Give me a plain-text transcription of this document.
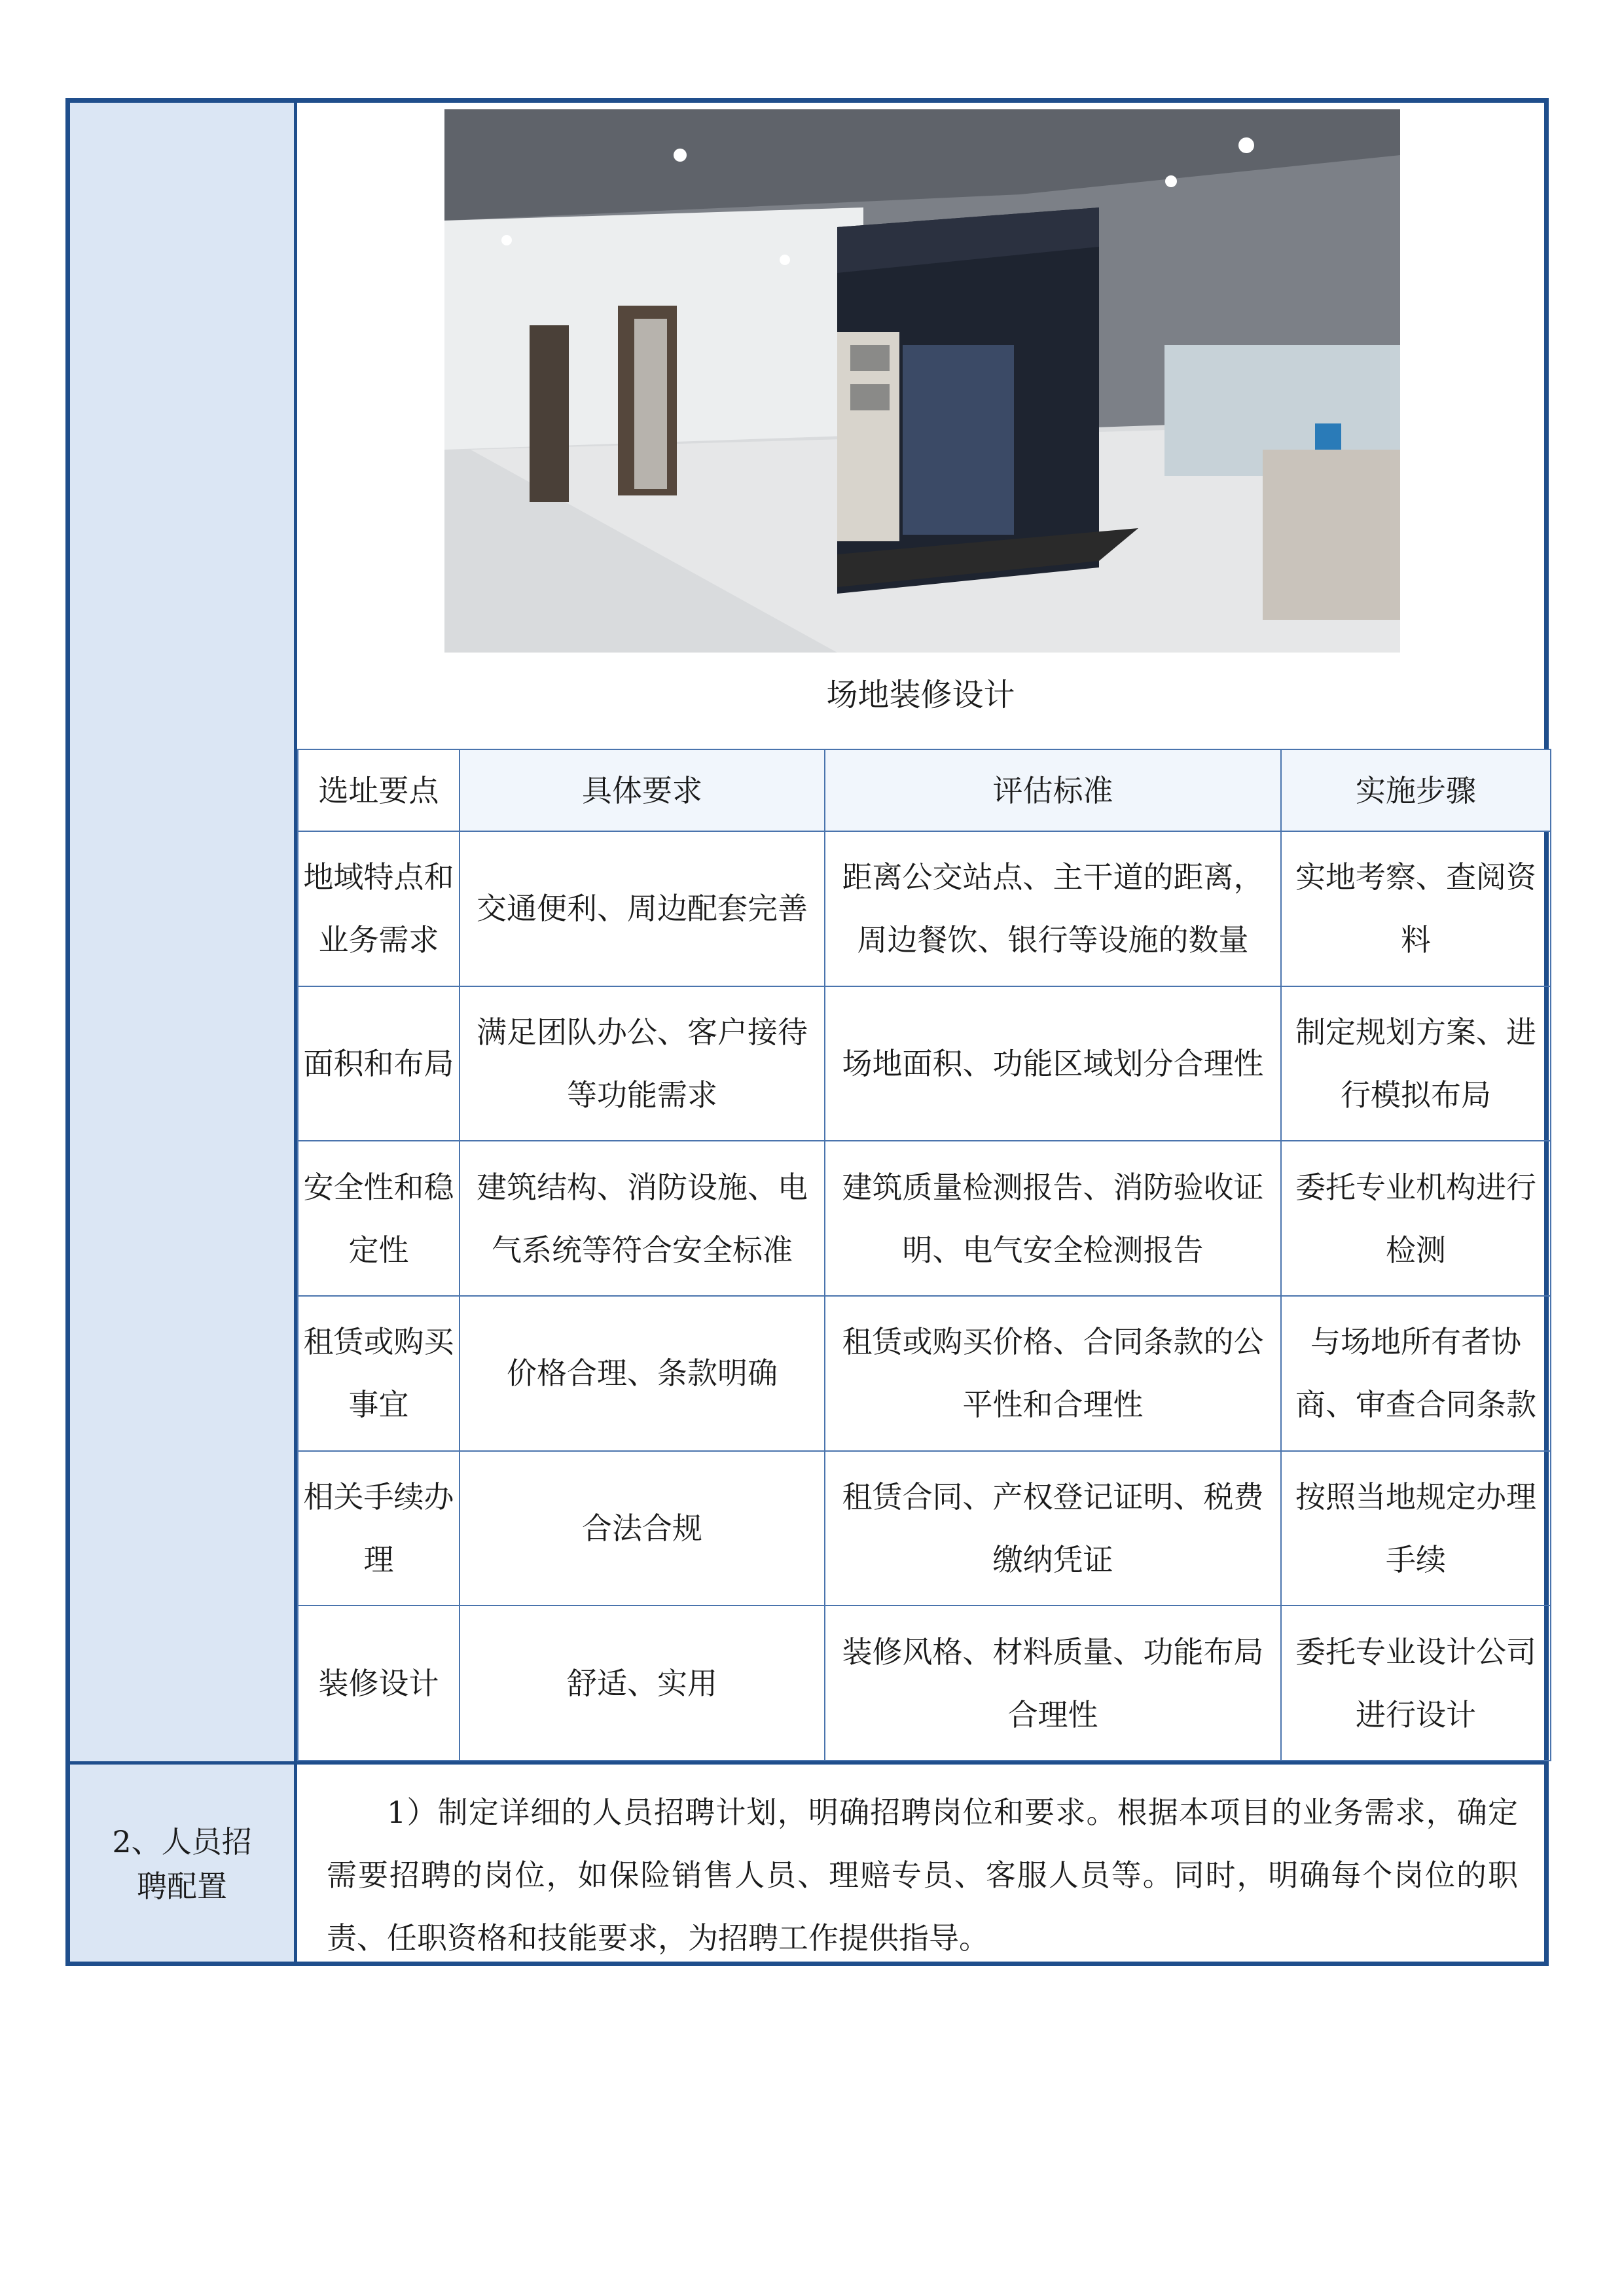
场地装修设计
选址要点	具体要求	评估标准	实施步骤
地域特点和业务需求	交通便利、周边配套完善	距离公交站点、主干道的距离，周边餐饮、银行等设施的数量	实地考察、查阅资料
面积和布局	满足团队办公、客户接待等功能需求	场地面积、功能区域划分合理性	制定规划方案、进行模拟布局
安全性和稳定性	建筑结构、消防设施、电气系统等符合安全标准	建筑质量检测报告、消防验收证明、电气安全检测报告	委托专业机构进行检测
租赁或购买事宜	价格合理、条款明确	租赁或购买价格、合同条款的公平性和合理性	与场地所有者协商、审查合同条款
相关手续办理	合法合规	租赁合同、产权登记证明、税费缴纳凭证	按照当地规定办理手续
装修设计	舒适、实用	装修风格、材料质量、功能布局合理性	委托专业设计公司进行设计
2、人员招聘配置
1）制定详细的人员招聘计划，明确招聘岗位和要求。根据本项目的业务需求，确定需要招聘的岗位，如保险销售人员、理赔专员、客服人员等。同时，明确每个岗位的职责、任职资格和技能要求，为招聘工作提供指导。
